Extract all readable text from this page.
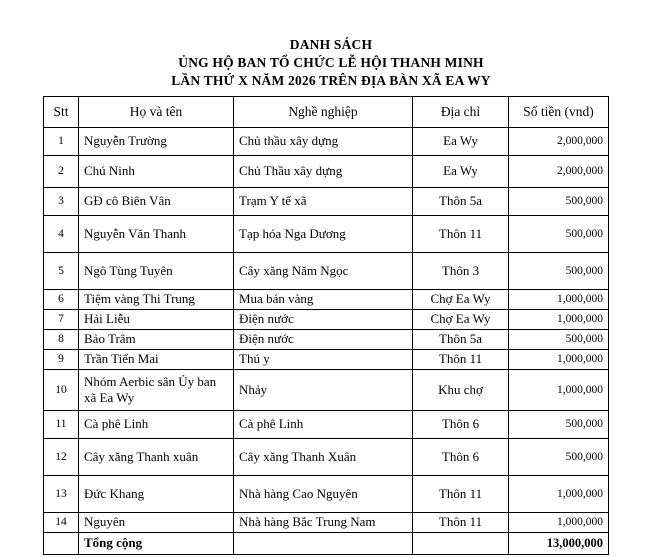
DANH SÁCH
ỦNG HỘ BAN TỔ CHỨC LỄ HỘI THANH MINH
LẦN THỨ X NĂM 2026 TRÊN ĐỊA BÀN XÃ EA WY
Stt	Họ và tên	Nghề nghiệp	Địa chỉ	Số tiền (vnd)
1	Nguyễn Trường	Chủ thầu xây dựng	Ea Wy	2,000,000
2	Chú Ninh	Chủ Thầu xây dựng	Ea Wy	2,000,000
3	GĐ cô Biên Vân	Trạm Y tế xã	Thôn 5a	500,000
4	Nguyễn Văn Thanh	Tạp hóa Nga Dương	Thôn 11	500,000
5	Ngô Tùng Tuyên	Cây xăng Năm Ngọc	Thôn 3	500,000
6	Tiệm vàng Thi Trung	Mua bán vàng	Chợ Ea Wy	1,000,000
7	Hải Liễu	Điện nước	Chợ Ea Wy	1,000,000
8	Bảo Trâm	Điện nước	Thôn 5a	500,000
9	Trần Tiến Mai	Thú y	Thôn 11	1,000,000
10	Nhóm Aerbic sân Ủy ban
xã Ea Wy	Nhảy	Khu chợ	1,000,000
11	Cà phê Linh	Cà phê Linh	Thôn 6	500,000
12	Cây xăng Thanh xuân	Cây xăng Thanh Xuân	Thôn 6	500,000
13	Đức Khang	Nhà hàng Cao Nguyên	Thôn 11	1,000,000
14	Nguyên	Nhà hàng Bắc Trung Nam	Thôn 11	1,000,000
	Tổng cộng			13,000,000
